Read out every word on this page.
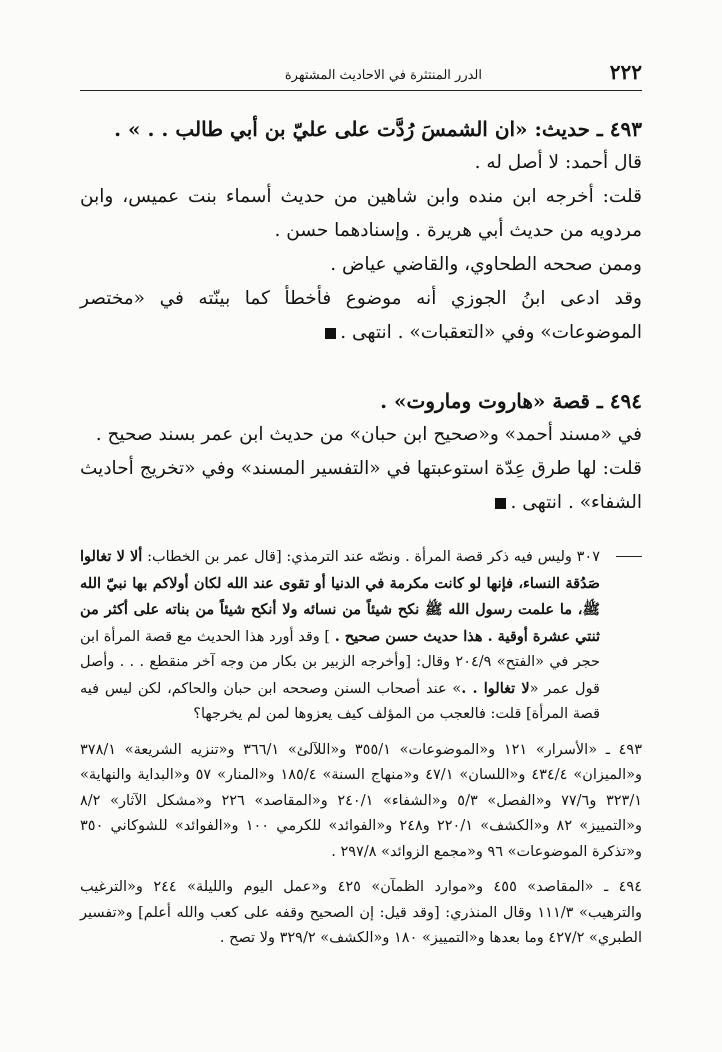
٢٢٢
الدرر المنتثرة في الاحاديث المشتهرة

٤٩٣ ـ حديث: «ان الشمسَ رُدَّت على عليّ بن أبي طالب . . » .

قال أحمد: لا أصل له .

قلت: أخرجه ابن منده وابن شاهين من حديث أسماء بنت عميس، وابن مردويه من حديث أبي هريرة . وإسنادهما حسن .

وممن صححه الطحاوي، والقاضي عياض .

وقد ادعى ابنُ الجوزي أنه موضوع فأخطأ كما بينّته في «مختصر الموضوعات» وفي «التعقبات» . انتهى .

٤٩٤ ـ قصة «هاروت وماروت» .

في «مسند أحمد» و«صحيح ابن حبان» من حديث ابن عمر بسند صحيح .

قلت: لها طرق عِدّة استوعبتها في «التفسير المسند» وفي «تخريج أحاديث الشفاء» . انتهى .

٣٠٧ وليس فيه ذكر قصة المرأة . ونصّه عند الترمذي: [قال عمر بن الخطاب: ألا لا تغالوا صَدُقة النساء، فإنها لو كانت مكرمة في الدنيا أو تقوى عند الله لكان أولاكم بها نبيّ الله ﷺ، ما علمت رسول الله ﷺ نكح شيئاً من نسائه ولا أنكح شيئاً من بناته على أكثر من ثنتي عشرة أوقية . هذا حديث حسن صحيح . ] وقد أورد هذا الحديث مع قصة المرأة ابن حجر في «الفتح» ٢٠٤/٩ وقال: [وأخرجه الزبير بن بكار من وجه آخر منقطع . . . وأصل قول عمر «لا تغالوا . .» عند أصحاب السنن وصححه ابن حبان والحاكم، لكن ليس فيه قصة المرأة] قلت: فالعجب من المؤلف كيف يعزوها لمن لم يخرجها؟

٤٩٣ ـ «الأسرار» ١٢١ و«الموضوعات» ٣٥٥/١ و«اللآلئ» ٣٦٦/١ و«تنزيه الشريعة» ٣٧٨/١ و«الميزان» ٤٣٤/٤ و«اللسان» ٤٧/١ و«منهاج السنة» ١٨٥/٤ و«المنار» ٥٧ و«البداية والنهاية» ٣٢٣/١ و٧٧/٦ و«الفصل» ٥/٣ و«الشفاء» ٢٤٠/١ و«المقاصد» ٢٢٦ و«مشكل الآثار» ٨/٢ و«التمييز» ٨٢ و«الكشف» ٢٢٠/١ و٢٤٨ و«الفوائد» للكرمي ١٠٠ و«الفوائد» للشوكاني ٣٥٠ و«تذكرة الموضوعات» ٩٦ و«مجمع الزوائد» ٢٩٧/٨ .

٤٩٤ ـ «المقاصد» ٤٥٥ و«موارد الظمآن» ٤٢٥ و«عمل اليوم والليلة» ٢٤٤ و«الترغيب والترهيب» ١١١/٣ وقال المنذري: [وقد قيل: إن الصحيح وقفه على كعب والله أعلم] و«تفسير الطبري» ٤٢٧/٢ وما بعدها و«التمييز» ١٨٠ و«الكشف» ٣٢٩/٢ ولا تصح .
